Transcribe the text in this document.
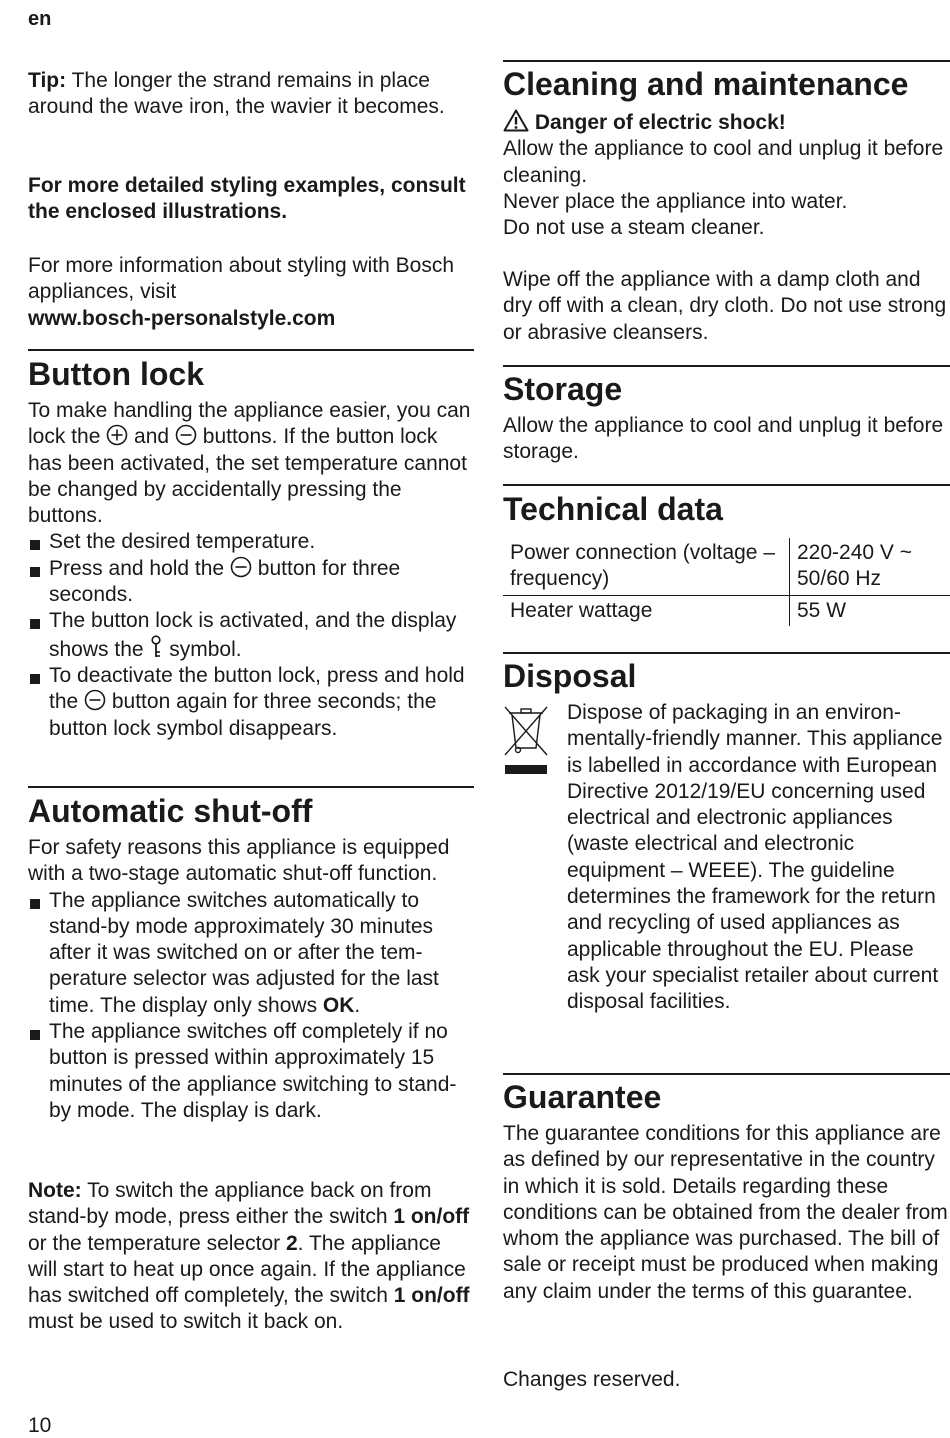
en

Tip: The longer the strand remains in place around the wave iron, the wavier it becomes.

For more detailed styling examples, consult the enclosed illustrations.

For more information about styling with Bosch appliances, visit
www.bosch-personalstyle.com

Button lock

To make handling the appliance easier, you can lock the  and  buttons. If the button lock has been activated, the set temperature cannot be changed by accidentally pressing the buttons.

Set the desired temperature.
Press and hold the  button for three seconds.
The button lock is activated, and the display shows the  symbol.
To deactivate the button lock, press and hold the  button again for three seconds; the button lock symbol disappears.
Automatic shut-off

For safety reasons this appliance is equipped with a two-stage automatic shut-off function.

The appliance switches automatically to stand-by mode approximately 30 minutes after it was switched on or after the temperature selector was adjusted for the last time. The display only shows OK.
The appliance switches off completely if no button is pressed within approximately 15 minutes of the appliance switching to stand-by mode. The display is dark.

Note: To switch the appliance back on from stand-by mode, press either the switch 1 on/off or the temperature selector 2. The appliance will start to heat up once again. If the appliance has switched off completely, the switch 1 on/off must be used to switch it back on.

Cleaning and maintenance

Danger of electric shock!

Allow the appliance to cool and unplug it before cleaning.

Never place the appliance into water.

Do not use a steam cleaner.

Wipe off the appliance with a damp cloth and dry off with a clean, dry cloth. Do not use strong or abrasive cleansers.

Storage

Allow the appliance to cool and unplug it before storage.

Technical data
Power connection (voltage – frequency)	220-240 V ~ 50/60 Hz
Heater wattage	55 W
Disposal

Dispose of packaging in an environmentally-friendly manner. This appliance is labelled in accordance with European Directive 2012/19/EU concerning used electrical and electronic appliances (waste electrical and electronic equipment – WEEE). The guideline determines the framework for the return and recycling of used appliances as applicable throughout the EU. Please ask your specialist retailer about current disposal facilities.

Guarantee

The guarantee conditions for this appliance are as defined by our representative in the country in which it is sold. Details regarding these conditions can be obtained from the dealer from whom the appliance was purchased. The bill of sale or receipt must be produced when making any claim under the terms of this guarantee.

Changes reserved.

10
